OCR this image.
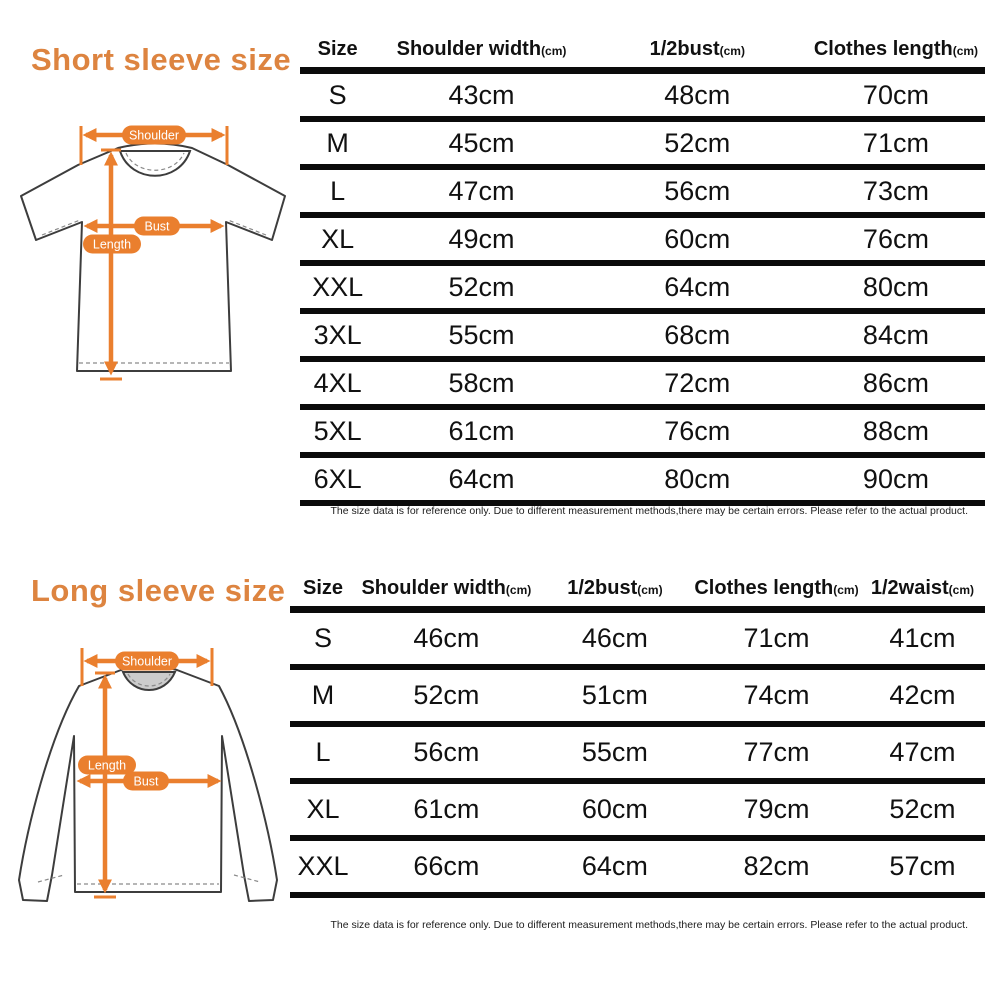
Short sleeve size
Shoulder
Bust
Length
Size	Shoulder width(cm)	1/2bust(cm)	Clothes length(cm)
S	43cm	48cm	70cm
M	45cm	52cm	71cm
L	47cm	56cm	73cm
XL	49cm	60cm	76cm
XXL	52cm	64cm	80cm
3XL	55cm	68cm	84cm
4XL	58cm	72cm	86cm
5XL	61cm	76cm	88cm
6XL	64cm	80cm	90cm
The size data is for reference only. Due to different measurement methods,there may be certain errors. Please refer to the actual product.
Long sleeve size
Shoulder
Length
Bust
Size	Shoulder width(cm)	1/2bust(cm)	Clothes length(cm)	1/2waist(cm)
S	46cm	46cm	71cm	41cm
M	52cm	51cm	74cm	42cm
L	56cm	55cm	77cm	47cm
XL	61cm	60cm	79cm	52cm
XXL	66cm	64cm	82cm	57cm
The size data is for reference only. Due to different measurement methods,there may be certain errors. Please refer to the actual product.
